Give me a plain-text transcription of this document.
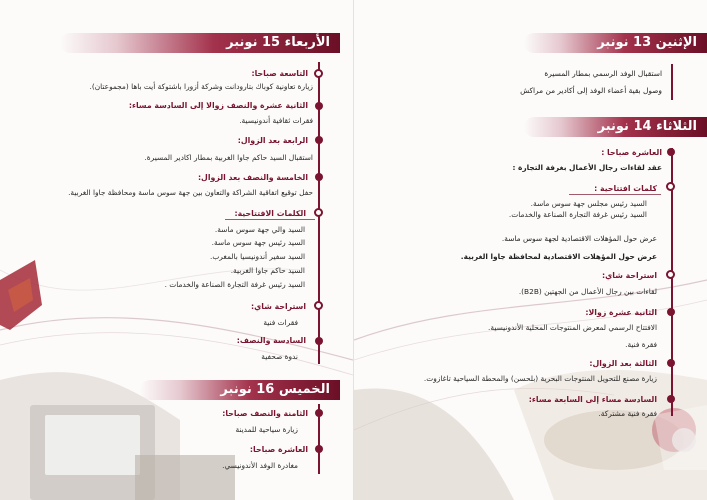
الأربعاء 15 نونبر
التاسعة صباحا:
زيارة تعاونية كوباك بتارودانت وشركة أزورا باشتوكة أيت باها (مجموعتان).
الثانية عشرة والنصف زوالا إلى السادسة مساء:
فقرات ثقافية أندونيسية.
الرابعة بعد الزوال:
استقبال السيد حاكم جاوا الغربية بمطار اكادير المسيرة.
الخامسة والنصف بعد الزوال:
حفل توقيع اتفاقية الشراكة والتعاون بين جهة سوس ماسة ومحافظة جاوا الغربية.
الكلمات الافتتاحية:
السيد والي جهة سوس ماسة.
السيد رئيس جهة سوس ماسة.
السيد سفير أندونيسيا بالمغرب.
السيد حاكم جاوا الغربية.
السيد رئيس غرفة التجارة الصناعة والخدمات .
استراحة شاي:
فقرات فنية
السادسة والنصف:
ندوة صحفية
الخميس 16 نونبر
الثامنة والنصف صباحا:
زيارة سياحية للمدينة
العاشرة صباحا:
مغادرة الوفد الأندونيسي.
الإثنين 13 نونبر
استقبال الوفد الرسمي بمطار المسيرة
وصول بقية أعضاء الوفد إلى أكادير من مراكش
الثلاثاء 14 نونبر
العاشرة صباحا :
عقد لقاءات رجال الأعمال بغرفة التجارة :
كلمات افتتاحية :
السيد رئيس مجلس جهة سوس ماسة.
السيد رئيس غرفة التجارة الصناعة والخدمات.
عرض حول المؤهلات الاقتصادية لجهة سوس ماسة.
عرض حول المؤهلات الاقتصادية لمحافظة جاوا الغربية.
استراحة شاي:
لقاءات بين رجال الأعمال من الجهتين (B2B).
الثانية عشرة زوالا:
الافتتاح الرسمي لمعرض المنتوجات المحلية الأندونيسية.
فقرة فنية.
الثالثة بعد الزوال:
زيارة مصنع للتحويل المنتوجات البحرية (بلحسن) والمحطة السياحية تاغازوت.
السادسة مساء إلى السابعة مساء:
فقرة فنية مشتركة.
